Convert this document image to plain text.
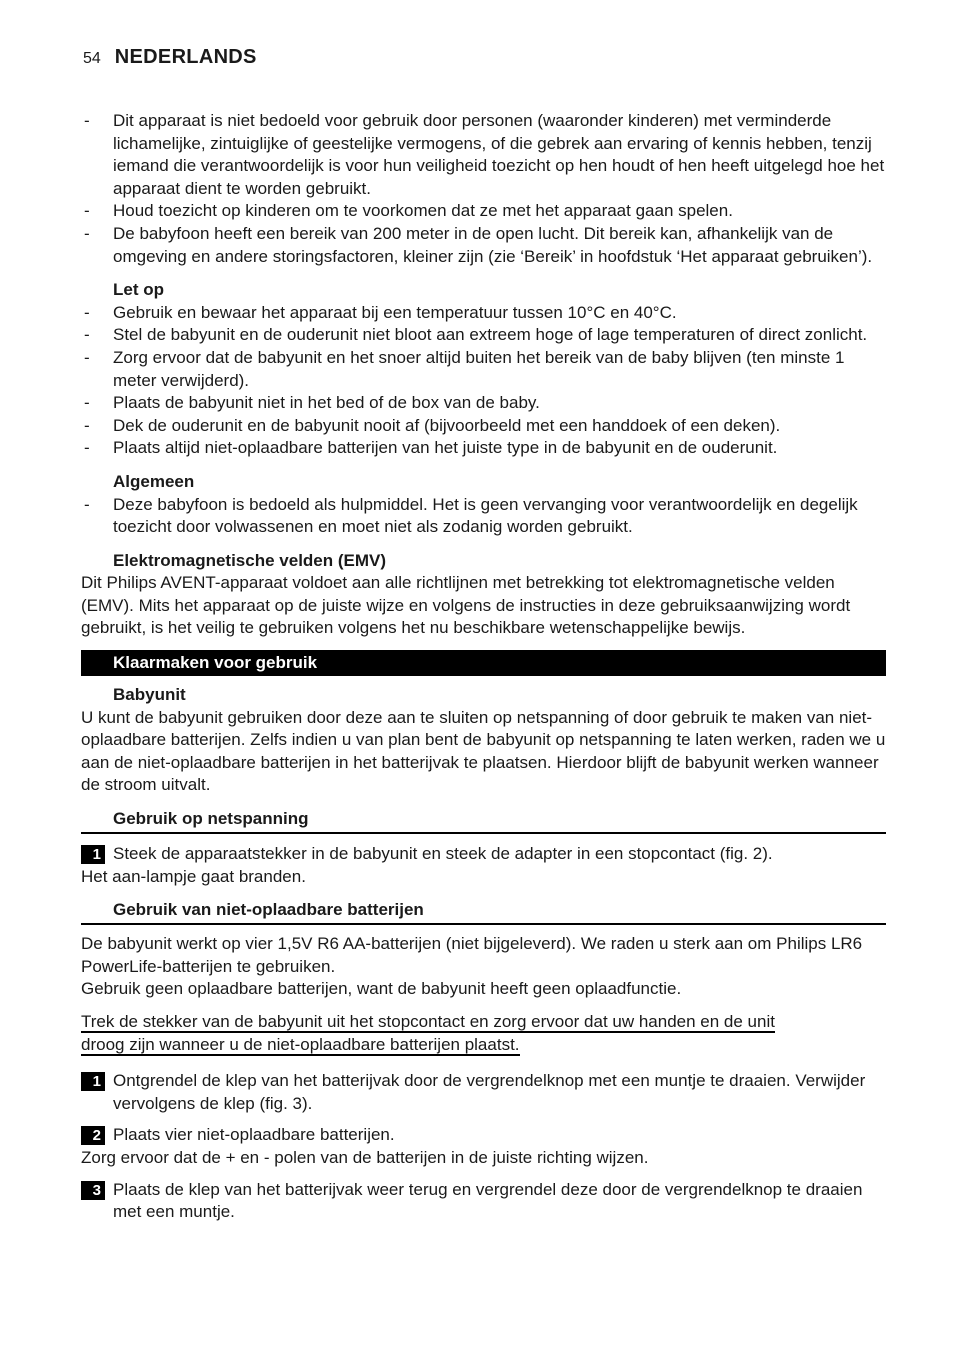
54 NEDERLANDS
- Dit apparaat is niet bedoeld voor gebruik door personen (waaronder kinderen) met verminderde lichamelijke, zintuiglijke of geestelijke vermogens, of die gebrek aan ervaring of kennis hebben, tenzij iemand die verantwoordelijk is voor hun veiligheid toezicht op hen houdt of hen heeft uitgelegd hoe het apparaat dient te worden gebruikt.
- Houd toezicht op kinderen om te voorkomen dat ze met het apparaat gaan spelen.
- De babyfoon heeft een bereik van 200 meter in de open lucht. Dit bereik kan, afhankelijk van de omgeving en andere storingsfactoren, kleiner zijn (zie ‘Bereik’ in hoofdstuk ‘Het apparaat gebruiken’).
Let op
- Gebruik en bewaar het apparaat bij een temperatuur tussen 10°C en 40°C.
- Stel de babyunit en de ouderunit niet bloot aan extreem hoge of lage temperaturen of direct zonlicht.
- Zorg ervoor dat de babyunit en het snoer altijd buiten het bereik van de baby blijven (ten minste 1 meter verwijderd).
- Plaats de babyunit niet in het bed of de box van de baby.
- Dek de ouderunit en de babyunit nooit af (bijvoorbeeld met een handdoek of een deken).
- Plaats altijd niet-oplaadbare batterijen van het juiste type in de babyunit en de ouderunit.
Algemeen
- Deze babyfoon is bedoeld als hulpmiddel. Het is geen vervanging voor verantwoordelijk en degelijk toezicht door volwassenen en moet niet als zodanig worden gebruikt.
Elektromagnetische velden (EMV)
Dit Philips AVENT-apparaat voldoet aan alle richtlijnen met betrekking tot elektromagnetische velden (EMV). Mits het apparaat op de juiste wijze en volgens de instructies in deze gebruiksaanwijzing wordt gebruikt, is het veilig te gebruiken volgens het nu beschikbare wetenschappelijke bewijs.
Klaarmaken voor gebruik
Babyunit
U kunt de babyunit gebruiken door deze aan te sluiten op netspanning of door gebruik te maken van niet-oplaadbare batterijen. Zelfs indien u van plan bent de babyunit op netspanning te laten werken, raden we u aan de niet-oplaadbare batterijen in het batterijvak te plaatsen. Hierdoor blijft de babyunit werken wanneer de stroom uitvalt.
Gebruik op netspanning
1 Steek de apparaatstekker in de babyunit en steek de adapter in een stopcontact (fig. 2).
Het aan-lampje gaat branden.
Gebruik van niet-oplaadbare batterijen
De babyunit werkt op vier 1,5V R6 AA-batterijen (niet bijgeleverd). We raden u sterk aan om Philips LR6 PowerLife-batterijen te gebruiken.
Gebruik geen oplaadbare batterijen, want de babyunit heeft geen oplaadfunctie.
Trek de stekker van de babyunit uit het stopcontact en zorg ervoor dat uw handen en de unit
droog zijn wanneer u de niet-oplaadbare batterijen plaatst.
1 Ontgrendel de klep van het batterijvak door de vergrendelknop met een muntje te draaien. Verwijder vervolgens de klep (fig. 3).
2 Plaats vier niet-oplaadbare batterijen.
Zorg ervoor dat de + en - polen van de batterijen in de juiste richting wijzen.
3 Plaats de klep van het batterijvak weer terug en vergrendel deze door de vergrendelknop te draaien met een muntje.
